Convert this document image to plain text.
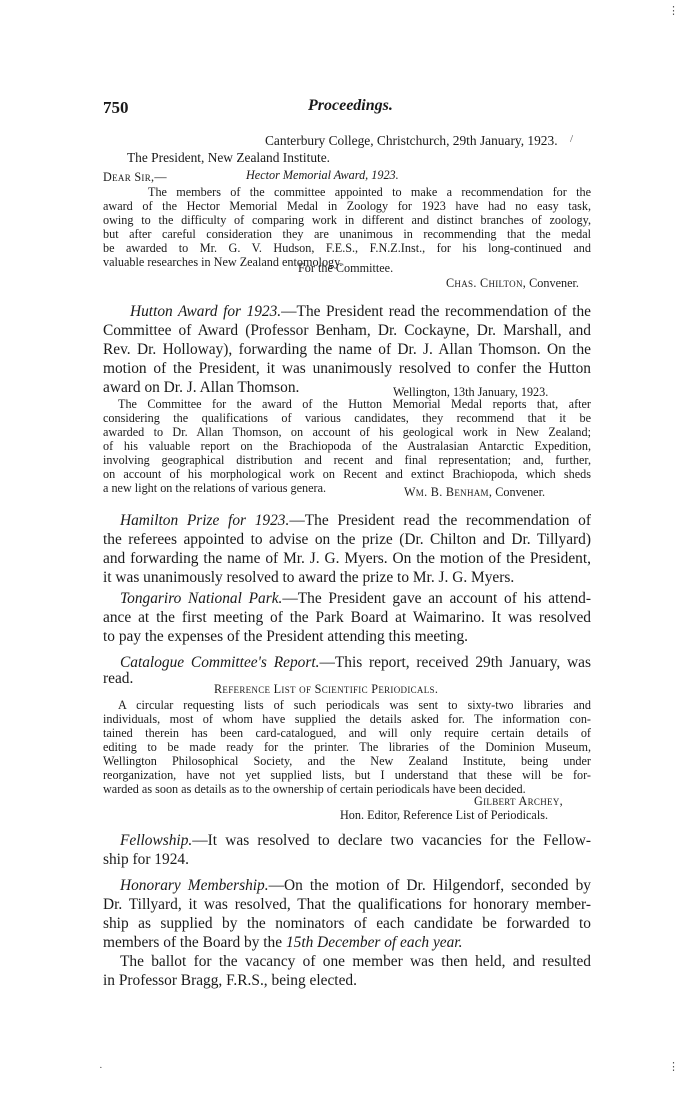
750	Proceedings.
Canterbury College, Christchurch, 29th January, 1923.
The President, New Zealand Institute.
Dear Sir,—	Hector Memorial Award, 1923.
The members of the committee appointed to make a recommendation for the
award of the Hector Memorial Medal in Zoology for 1923 have had no easy task,
owing to the difficulty of comparing work in different and distinct branches of zoology,
but after careful consideration they are unanimous in recommending that the medal
be awarded to Mr. G. V. Hudson, F.E.S., F.N.Z.Inst., for his long-continued and
valuable researches in New Zealand entomology.
For the Committee.
Chas. Chilton, Convener.
Hutton Award for 1923.—The President read the recommendation of the
Committee of Award (Professor Benham, Dr. Cockayne, Dr. Marshall, and
Rev. Dr. Holloway), forwarding the name of Dr. J. Allan Thomson. On the
motion of the President, it was unanimously resolved to confer the Hutton
award on Dr. J. Allan Thomson.	Wellington, 13th January, 1923.
The Committee for the award of the Hutton Memorial Medal reports that, after
considering the qualifications of various candidates, they recommend that it be
awarded to Dr. Allan Thomson, on account of his geological work in New Zealand;
of his valuable report on the Brachiopoda of the Australasian Antarctic Expedition,
involving geographical distribution and recent and final representation; and, further,
on account of his morphological work on Recent and extinct Brachiopoda, which sheds
a new light on the relations of various genera.	Wm. B. Benham, Convener.
Hamilton Prize for 1923.—The President read the recommendation of
the referees appointed to advise on the prize (Dr. Chilton and Dr. Tillyard)
and forwarding the name of Mr. J. G. Myers. On the motion of the President,
it was unanimously resolved to award the prize to Mr. J. G. Myers.
Tongariro National Park.—The President gave an account of his attend-
ance at the first meeting of the Park Board at Waimarino. It was resolved
to pay the expenses of the President attending this meeting.
Catalogue Committee's Report.—This report, received 29th January, was
read.
Reference List of Scientific Periodicals.
A circular requesting lists of such periodicals was sent to sixty-two libraries and
individuals, most of whom have supplied the details asked for. The information con-
tained therein has been card-catalogued, and will only require certain details of
editing to be made ready for the printer. The libraries of the Dominion Museum,
Wellington Philosophical Society, and the New Zealand Institute, being under
reorganization, have not yet supplied lists, but I understand that these will be for-
warded as soon as details as to the ownership of certain periodicals have been decided.
Gilbert Archey,
Hon. Editor, Reference List of Periodicals.
Fellowship.—It was resolved to declare two vacancies for the Fellow-
ship for 1924.
Honorary Membership.—On the motion of Dr. Hilgendorf, seconded by
Dr. Tillyard, it was resolved, That the qualifications for honorary member-
ship as supplied by the nominators of each candidate be forwarded to
members of the Board by the 15th December of each year.
The ballot for the vacancy of one member was then held, and resulted
in Professor Bragg, F.R.S., being elected.
⋮
⋮
/
·
